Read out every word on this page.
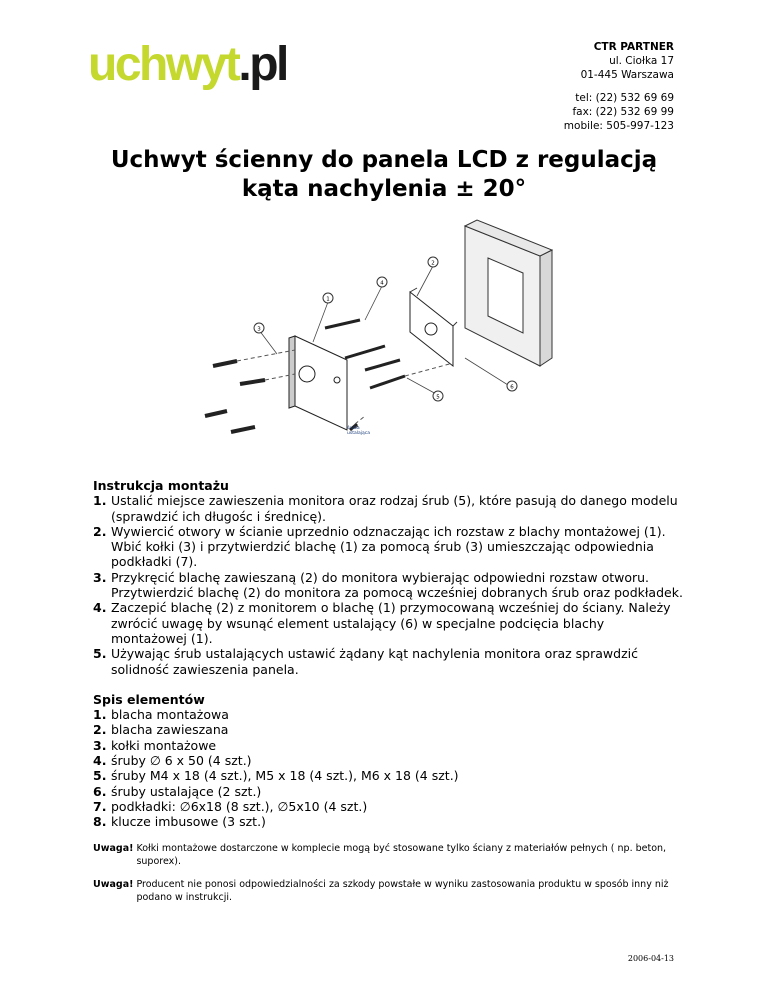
uchwyt.pl	CTR PARTNER
ul. Ciołka 17
01-445 Warszawa
tel: (22) 532 69 69
fax: (22) 532 69 99
mobile: 505-997-123
Uchwyt ścienny do panela LCD z regulacją
kąta nachylenia ± 20°
2
4
1
3
6
5
śruba
ustalająca
Instrukcja montażu
1. Ustalić miejsce zawieszenia monitora oraz rodzaj śrub (5), które pasują do danego modelu (sprawdzić ich długośc i średnicę).
2. Wywiercić otwory w ścianie uprzednio odznaczając ich rozstaw z blachy montażowej (1). Wbić kołki (3) i przytwierdzić blachę (1) za pomocą śrub (3) umieszczając odpowiednia podkładki (7).
3. Przykręcić blachę zawieszaną (2) do monitora wybierając odpowiedni rozstaw otworu. Przytwierdzić blachę (2) do monitora za pomocą wcześniej dobranych śrub oraz podkładek.
4. Zaczepić blachę (2) z monitorem o blachę (1) przymocowaną wcześniej do ściany. Należy zwrócić uwagę by wsunąć element ustalający (6) w specjalne podcięcia blachy montażowej (1).
5. Używając śrub ustalających ustawić żądany kąt nachylenia monitora oraz sprawdzić solidność zawieszenia panela.
Spis elementów
1. blacha montażowa
2. blacha zawieszana
3. kołki montażowe
4. śruby ∅ 6 x 50 (4 szt.)
5. śruby M4 x 18 (4 szt.), M5 x 18 (4 szt.), M6 x 18 (4 szt.)
6. śruby ustalające (2 szt.)
7. podkładki: ∅6x18 (8 szt.), ∅5x10 (4 szt.)
8. klucze imbusowe (3 szt.)
Uwaga! Kołki montażowe dostarczone w komplecie mogą być stosowane tylko ściany z materiałów pełnych ( np. beton, suporex).
Uwaga! Producent nie ponosi odpowiedzialności za szkody powstałe w wyniku zastosowania produktu w sposób inny niż podano w instrukcji.
2006-04-13
